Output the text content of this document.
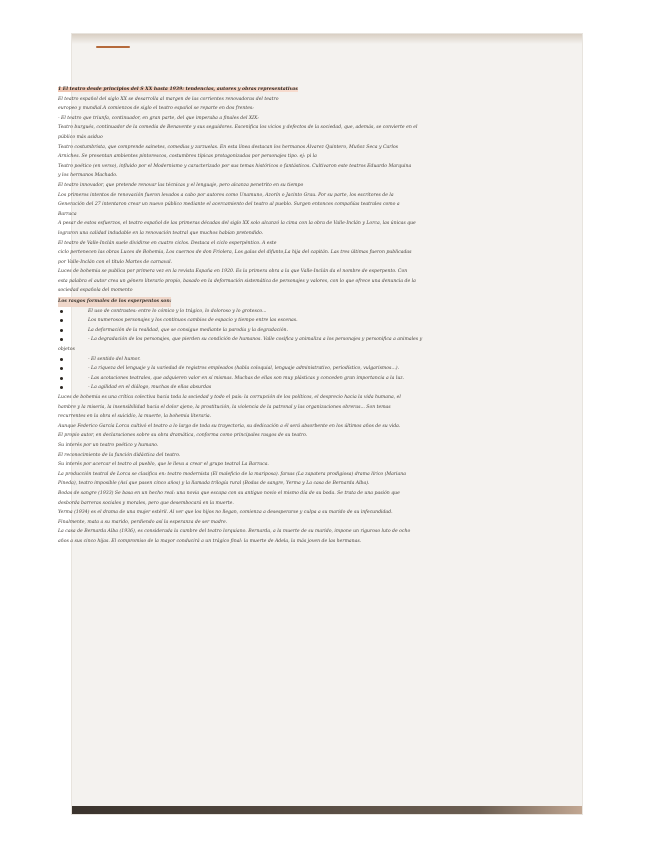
1 El teatro desde principios del S XX hasta 1939: tendencias, autores y obras representativas
El teatro español del siglo XX se desarrolla al margen de las corrientes renovadoras del teatro
europeo y mundial.A comienzos de siglo el teatro español se reparte en dos frentes:
- El teatro que triunfa, continuador, en gran parte, del que imperaba a finales del XIX:
Teatro burgués, continuador de la comedia de Benavente y sus seguidores. Escenifica los vicios y defectos de la sociedad, que, además, se convierte en el
público más asiduo
Teatro costumbrista, que comprende sainetes, comedias y zarzuelas. En esta línea destacan los hermanos Álvarez Quintero, Muñoz Seca y Carlos
Arniches. Se presentan ambientes pintorescos, costumbres típicas protagonizadas por personajes tipo. ej: pi la
Teatro poético (en verso), influido por el Modernismo y caracterizado por sus temas históricos o fantásticos. Cultivaron este teatros Eduardo Marquina
y los hermanos Machado.
El teatro innovador, que pretende renovar las técnicas y el lenguaje, pero alcanza penetrito en su tiempo
Los primeros intentos de renovación fueron levados a cabo por autores como Unamuno, Azorín o Jacinto Grau. Por su parte, los escritores de la
Generación del 27 intentaron crear un nuevo público mediante el acercamiento del teatro al pueblo. Surgen entonces compañías teatrales como a
Barraca
A pesar de estos esfuerzos, el teatro español de las primeras décadas del siglo XX solo alcanzó la cima con la obra de Valle-Inclán y Lorca, las únicas que
lograron una calidad indudable en la renovación teatral que muchos habían pretendido.
El teatro de Valle-Inclán suele dividirse en cuatro ciclos. Destaca el ciclo esperpéntico. A este
ciclo pertenecen las obras Luces de Bohemia, Los cuernos de don Friolera, Los galas del difunto,La hija del capitán. Las tres últimas fueron publicadas
por Valle-Inclán con el título Martes de carnaval.
Luces de bohemia se publica por primera vez en la revista España en 1920. Es la primera obra a la que Valle-Inclán da el nombre de esperpento. Con
esta palabra el autor crea un género literario propio, basado en la deformación sistemática de personajes y valores, con lo que ofrece una denuncia de la
sociedad española del momento
Los rasgos formales de los esperpentos son:
El uso de contrastes: entre lo cómico y lo trágico, lo doloroso y lo grotesco...
Los numerosos personajes y los continuos cambios de espacio y tiempo entre las escenas.
La deformación de la realidad, que se consigue mediante la parodia y la degradación.
- La degradación de los personajes, que pierden su condición de humanos. Valle cosifica y animaliza a los personajes y personifica a animales y
objetos
- El sentido del humor.
- La riqueza del lenguaje y la variedad de registros empleados (habla coloquial, lenguaje administrativo, periodístico, vulgarismos...).
- Las acotaciones teatrales, que adquieren valor en sí mismas. Muchas de ellas son muy plásticas y conceden gran importancia a la luz.
- La agilidad en el diálogo, muchas de ellas absurdas
Luces de bohemia es una crítica colectiva hacia toda la sociedad y todo el país: la corrupción de los políticos, el desprecio hacia la vida humana, el
hambre y la miseria, la insensibilidad hacia el dolor ajeno, la prostitución, la violencia de la patronal y las organizaciones obreras... Son temas
recurrentes en la obra el suicidio, la muerte, la bohemia literaria.
Aunque Federico García Lorca cultivó el teatro a lo largo de toda su trayectoria, su dedicación a él será absorbente en los últimos años de su vida.
El propio autor, en declaraciones sobre su obra dramática, conforma como principales rasgos de su teatro.
Su interés por un teatro poético y humano.
El reconocimiento de la función didáctica del teatro.
Su interés por acercar el teatro al pueblo, que le lleva a crear el grupo teatral La Barraca.
La producción teatral de Lorca se clasifica en: teatro modernista (El maleficio de la mariposa). farsas (La zapatera prodigiosa) drama lírico (Mariana
Pineda), teatro imposible (Así que pasen cinco años) y la llamada trilogía rural (Bodas de sangre, Yerma y La casa de Bernarda Alba).
Bodas de sangre (1933) Se basa en un hecho real: una novia que escapa con su antiguo novio el mismo día de su boda. Se trata de una pasión que
desborda barreras sociales y morales, pero que desembocará en la muerte.
Yerma (1934) es el drama de una mujer estéril. Al ver que los hijos no llegan, comienza a desesperarse y culpa a su marido de su infecundidad.
Finalmente, mata a su marido, perdiendo así la esperanza de ser madre.
La casa de Bernarda Alba (1936), es considerada la cumbre del teatro lorquiano. Bernarda, a la muerte de su marido, impone un riguroso luto de ocho
años a sus cinco hijas. El compromiso de la mayor conducirá a un trágico final: la muerte de Adela, la más joven de las hermanas.
